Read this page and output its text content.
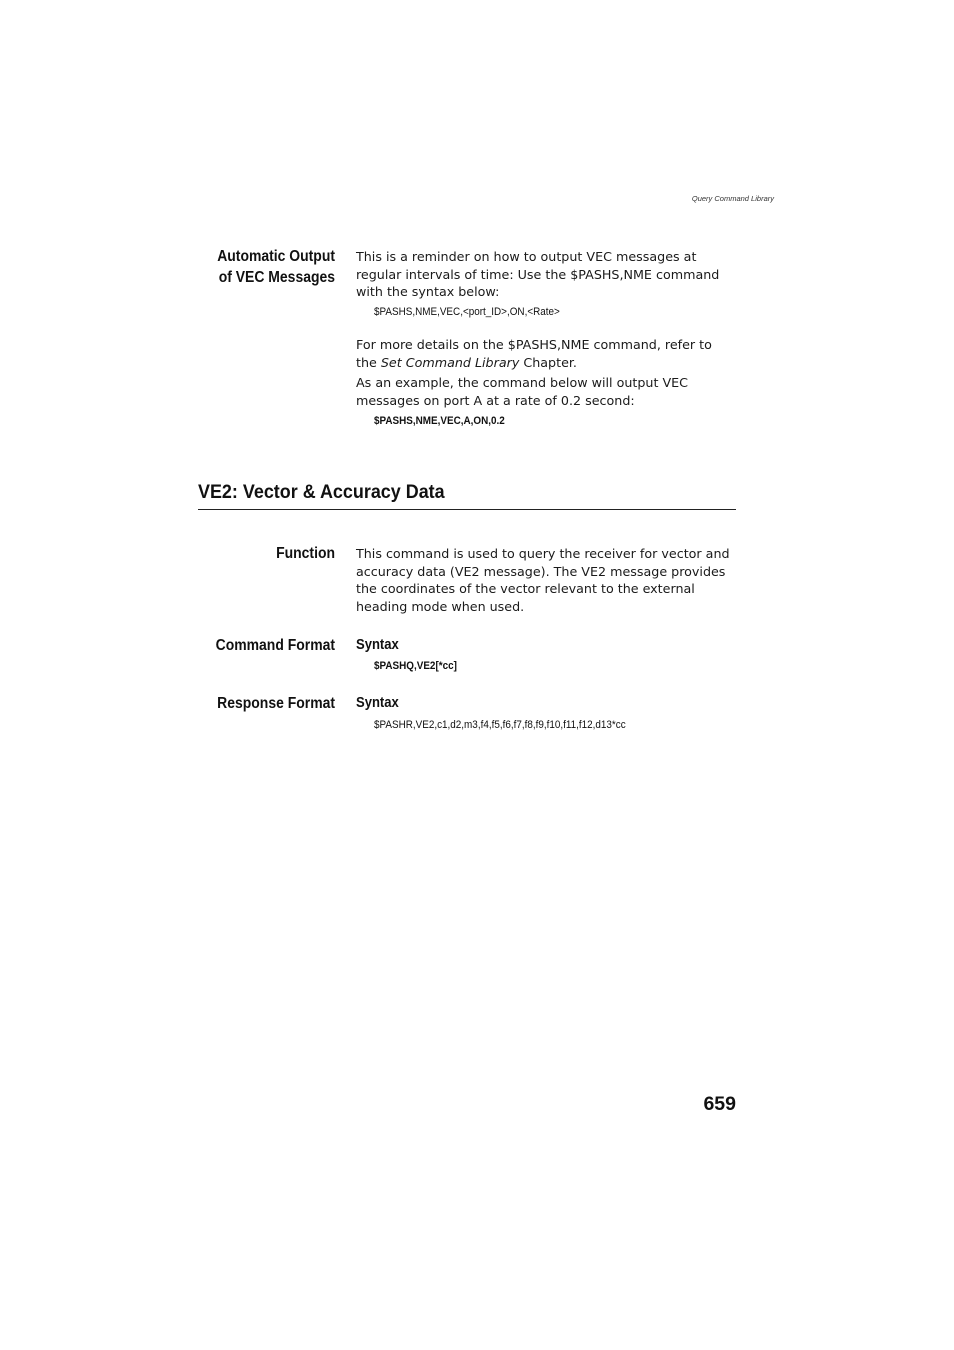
Query Command Library
Automatic Output
of VEC Messages

This is a reminder on how to output VEC messages at regular intervals of time: Use the $PASHS,NME command with the syntax below:

$PASHS,NME,VEC,<port_ID>,ON,<Rate>

For more details on the $PASHS,NME command, refer to the Set Command Library Chapter.

As an example, the command below will output VEC messages on port A at a rate of 0.2 second:

$PASHS,NME,VEC,A,ON,0.2
VE2: Vector & Accuracy Data
Function This command is used to query the receiver for vector and accuracy data (VE2 message). The VE2 message provides the coordinates of the vector relevant to the external heading mode when used.

Command Format Syntax
$PASHQ,VE2[*cc]
Response Format Syntax
$PASHR,VE2,c1,d2,m3,f4,f5,f6,f7,f8,f9,f10,f11,f12,d13*cc
659
